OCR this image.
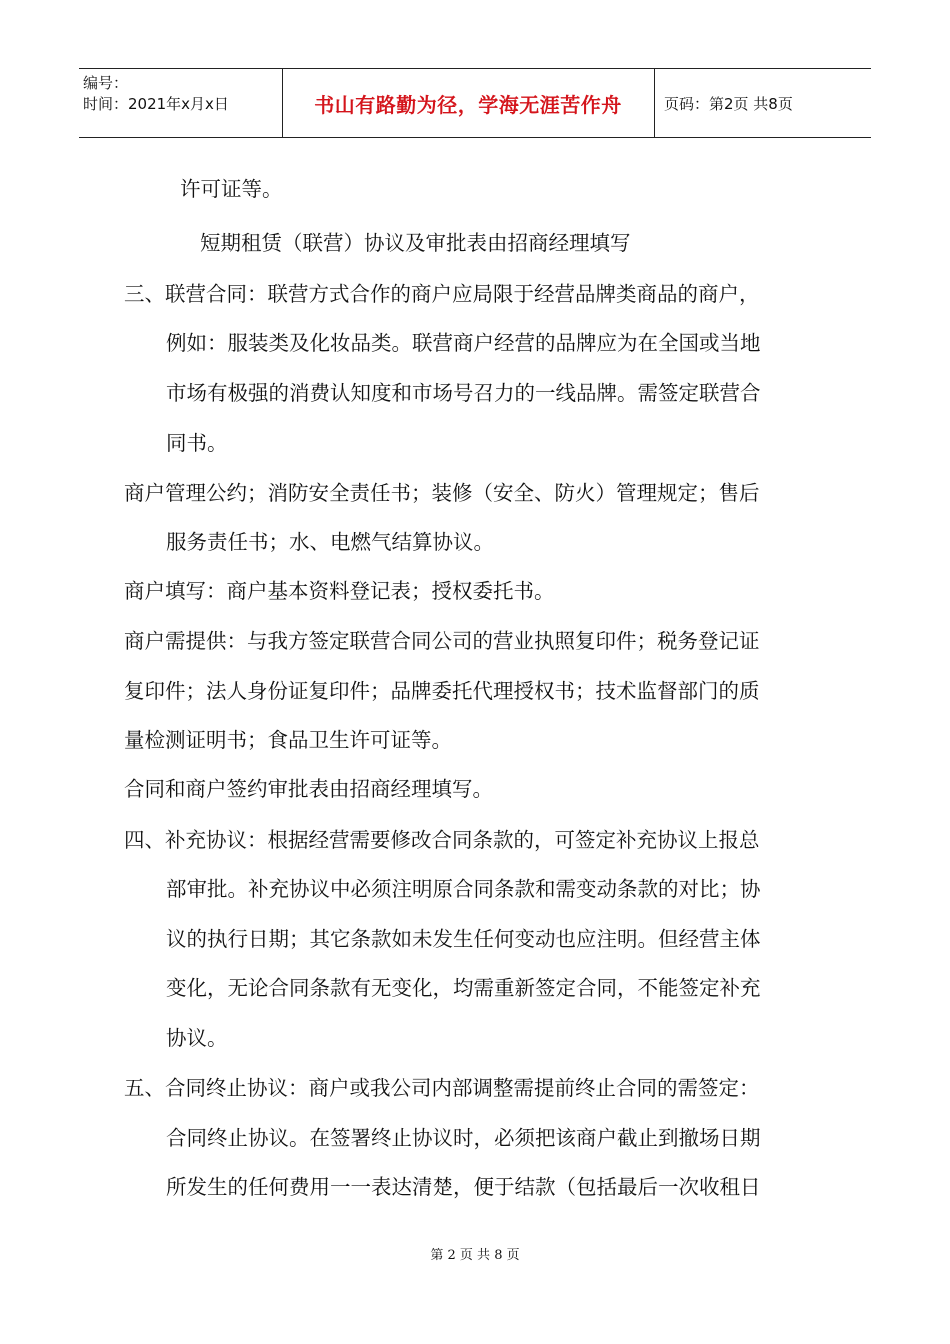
编号：
时间：2021年x月x日	书山有路勤为径，学海无涯苦作舟	页码：第2页 共8页
许可证等。
短期租赁（联营）协议及审批表由招商经理填写
三、联营合同：联营方式合作的商户应局限于经营品牌类商品的商户，
例如：服装类及化妆品类。联营商户经营的品牌应为在全国或当地
市场有极强的消费认知度和市场号召力的一线品牌。需签定联营合
同书。
商户管理公约；消防安全责任书；装修（安全、防火）管理规定；售后
服务责任书；水、电燃气结算协议。
商户填写：商户基本资料登记表；授权委托书。
商户需提供：与我方签定联营合同公司的营业执照复印件；税务登记证
复印件；法人身份证复印件；品牌委托代理授权书；技术监督部门的质
量检测证明书；食品卫生许可证等。
合同和商户签约审批表由招商经理填写。
四、补充协议：根据经营需要修改合同条款的，可签定补充协议上报总
部审批。补充协议中必须注明原合同条款和需变动条款的对比；协
议的执行日期；其它条款如未发生任何变动也应注明。但经营主体
变化，无论合同条款有无变化，均需重新签定合同，不能签定补充
协议。
五、合同终止协议：商户或我公司内部调整需提前终止合同的需签定：
合同终止协议。在签署终止协议时，必须把该商户截止到撤场日期
所发生的任何费用一一表达清楚，便于结款（包括最后一次收租日
第 2 页 共 8 页
